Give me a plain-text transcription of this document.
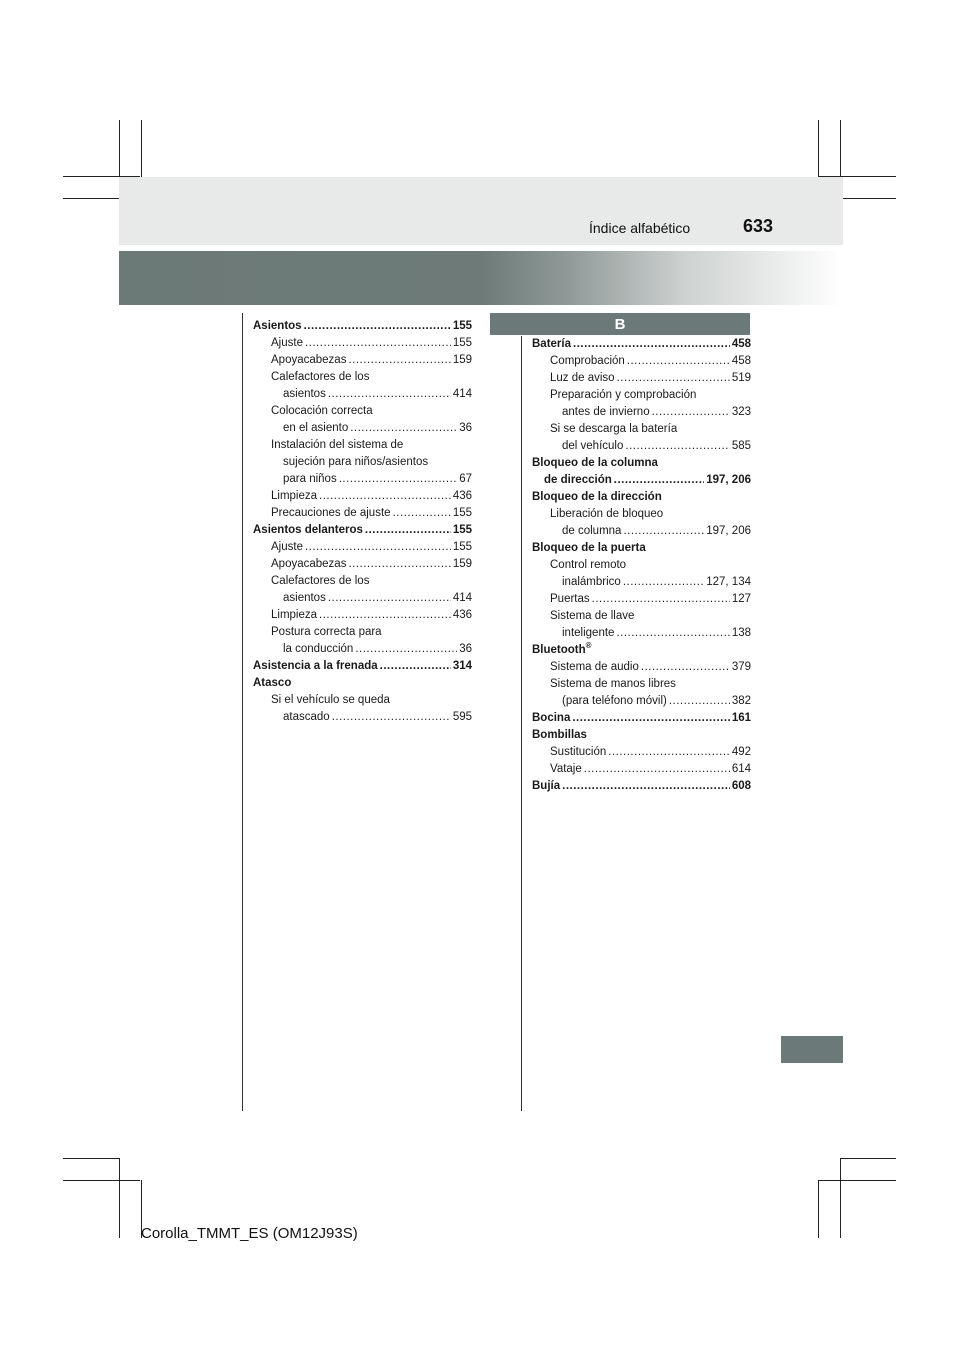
Índice alfabético	633
B
Asientos .....	155
Ajuste .....	155
Apoyacabezas .....	159
Calefactores de los
asientos .....	414
Colocación correcta
en el asiento .....	36
Instalación del sistema de
sujeción para niños/asientos
para niños .....	67
Limpieza .....	436
Precauciones de ajuste .....	155
Asientos delanteros .....	155
Ajuste .....	155
Apoyacabezas .....	159
Calefactores de los
asientos .....	414
Limpieza .....	436
Postura correcta para
la conducción .....	36
Asistencia a la frenada .....	314
Atasco
Si el vehículo se queda
atascado .....	595
Batería .....	458
Comprobación .....	458
Luz de aviso .....	519
Preparación y comprobación
antes de invierno .....	323
Si se descarga la batería
del vehículo .....	585
Bloqueo de la columna
de dirección .....	197, 206
Bloqueo de la dirección
Liberación de bloqueo
de columna .....	197, 206
Bloqueo de la puerta
Control remoto
inalámbrico .....	127, 134
Puertas .....	127
Sistema de llave
inteligente .....	138
Bluetooth®
Sistema de audio .....	379
Sistema de manos libres
(para teléfono móvil) .....	382
Bocina .....	161
Bombillas
Sustitución .....	492
Vataje .....	614
Bujía .....	608
Corolla_TMMT_ES (OM12J93S)
